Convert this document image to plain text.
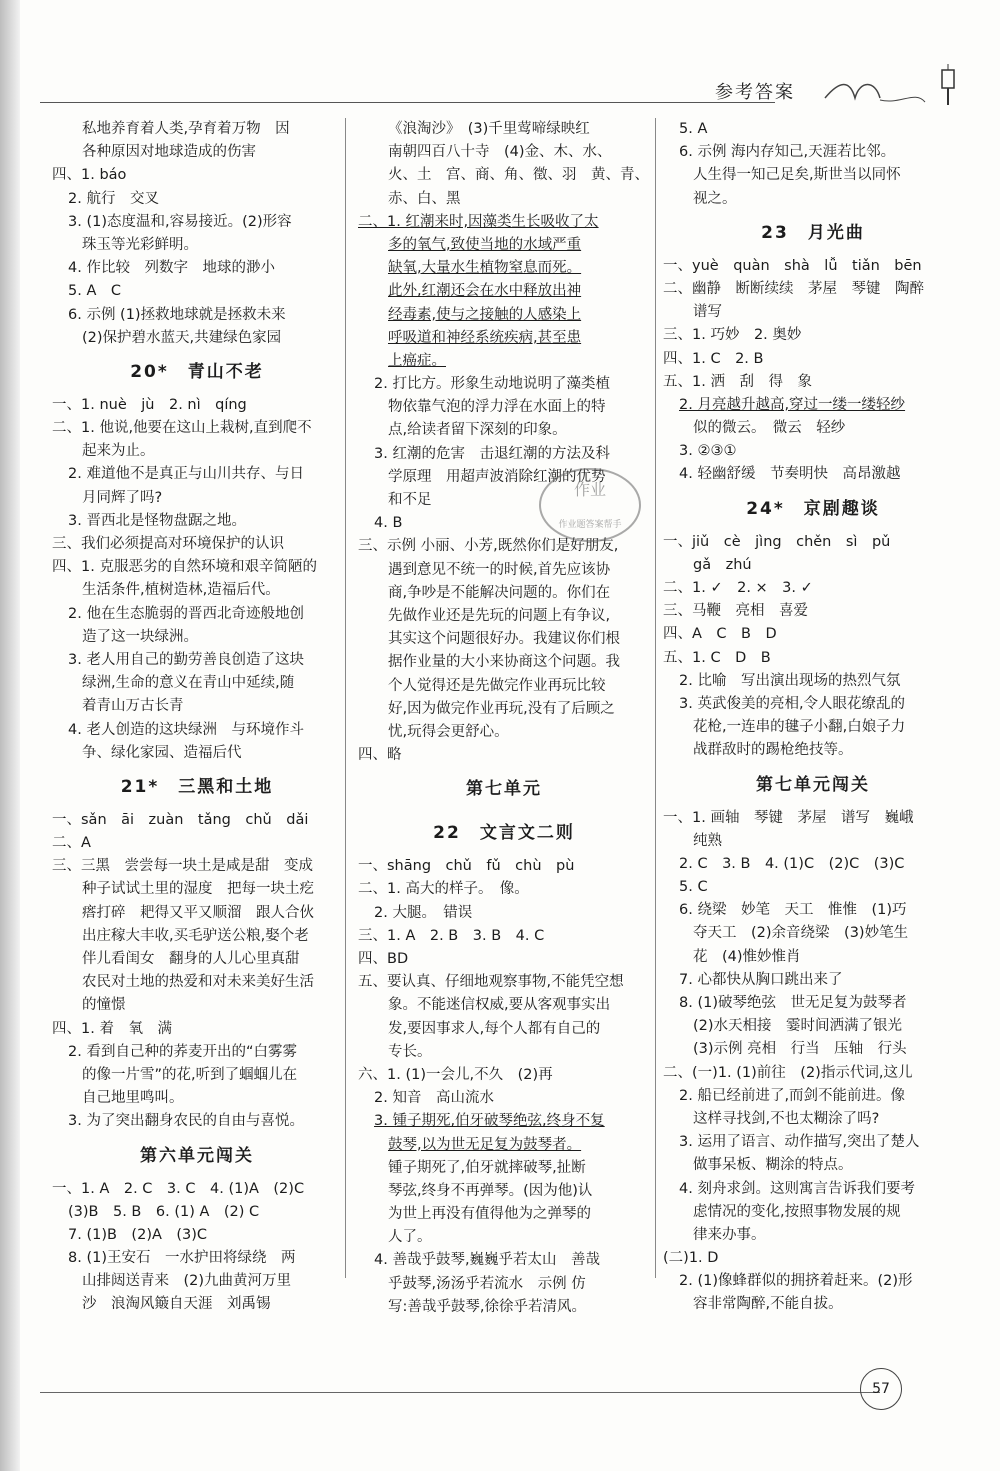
参考答案
私地养育着人类,孕育着万物　因
各种原因对地球造成的伤害
四、1. báo
2. 航行　交叉
3. (1)态度温和,容易接近。(2)形容
珠玉等光彩鲜明。
4. 作比较　列数字　地球的渺小
5. A　C
6. 示例 (1)拯救地球就是拯救未来
(2)保护碧水蓝天,共建绿色家园
20*　青山不老
一、1. nuè　jù　2. nì　qíng
二、1. 他说,他要在这山上栽树,直到爬不
起来为止。
2. 难道他不是真正与山川共存、与日
月同辉了吗?
3. 晋西北是怪物盘踞之地。
三、我们必须提高对环境保护的认识
四、1. 克服恶劣的自然环境和艰辛简陋的
生活条件,植树造林,造福后代。
2. 他在生态脆弱的晋西北奇迹般地创
造了这一块绿洲。
3. 老人用自己的勤劳善良创造了这块
绿洲,生命的意义在青山中延续,随
着青山万古长青
4. 老人创造的这块绿洲　与环境作斗
争、绿化家园、造福后代
21*　三黑和土地
一、sǎn　āi　zuàn　tǎng　chǔ　dǎi
二、A
三、三黑　尝尝每一块土是咸是甜　变成
种子试试土里的湿度　把每一块土疙
瘩打碎　耙得又平又顺溜　跟人合伙
出庄稼大丰收,买毛驴送公粮,娶个老
伴儿看闺女　翻身的人儿心里真甜
农民对土地的热爱和对未来美好生活
的憧憬
四、1. 着　氧　满
2. 看到自己种的荞麦开出的“白雾雾
的像一片雪”的花,听到了蝈蝈儿在
自己地里鸣叫。
3. 为了突出翻身农民的自由与喜悦。
第六单元闯关
一、1. A　2. C　3. C　4. (1)A　(2)C
(3)B　5. B　6. (1) A　(2) C
7. (1)B　(2)A　(3)C
8. (1)王安石　一水护田将绿绕　两
山排闼送青来　(2)九曲黄河万里
沙　浪淘风簸自天涯　刘禹锡
《浪淘沙》　(3)千里莺啼绿映红
南朝四百八十寺　(4)金、木、水、
火、土　宫、商、角、徵、羽　黄、青、
赤、白、黑
二、1. 红潮来时,因藻类生长吸收了太
多的氧气,致使当地的水域严重
缺氧,大量水生植物窒息而死。
此外,红潮还会在水中释放出神
经毒素,使与之接触的人感染上
呼吸道和神经系统疾病,甚至患
上癌症。
2. 打比方。形象生动地说明了藻类植
物依靠气泡的浮力浮在水面上的特
点,给读者留下深刻的印象。
3. 红潮的危害　击退红潮的方法及科
学原理　用超声波消除红潮的优势
和不足
4. B
三、示例 小丽、小芳,既然你们是好朋友,
遇到意见不统一的时候,首先应该协
商,争吵是不能解决问题的。你们在
先做作业还是先玩的问题上有争议,
其实这个问题很好办。我建议你们根
据作业量的大小来协商这个问题。我
个人觉得还是先做完作业再玩比较
好,因为做完作业再玩,没有了后顾之
忧,玩得会更舒心。
四、略
第七单元
22　文言文二则
一、shāng　chǔ　fǔ　chù　pù
二、1. 高大的样子。　像。
2. 大腿。　错误
三、1. A　2. B　3. B　4. C
四、BD
五、要认真、仔细地观察事物,不能凭空想
象。不能迷信权威,要从客观事实出
发,要因事求人,每个人都有自己的
专长。
六、1. (1)一会儿,不久　(2)再
2. 知音　高山流水
3. 锺子期死,伯牙破琴绝弦,终身不复
鼓琴,以为世无足复为鼓琴者。
锺子期死了,伯牙就摔破琴,扯断
琴弦,终身不再弹琴。(因为他)认
为世上再没有值得他为之弹琴的
人了。
4. 善哉乎鼓琴,巍巍乎若太山　善哉
乎鼓琴,汤汤乎若流水　示例 仿
写:善哉乎鼓琴,徐徐乎若清风。
5. A
6. 示例 海内存知己,天涯若比邻。
人生得一知己足矣,斯世当以同怀
视之。
23　月光曲
一、yuè　quàn　shà　lǚ　tiǎn　bēn
二、幽静　断断续续　茅屋　琴键　陶醉
谱写
三、1. 巧妙　2. 奥妙
四、1. C　2. B
五、1. 洒　刮　得　象
2. 月亮越升越高,穿过一缕一缕轻纱
似的微云。　微云　轻纱
3. ②③①
4. 轻幽舒缓　节奏明快　高昂激越
24*　京剧趣谈
一、jiǔ　cè　jìng　chěn　sì　pǔ
gǎ　zhú
二、1. ✓　2. ×　3. ✓
三、马鞭　亮相　喜爱
四、A　C　B　D
五、1. C　D　B
2. 比喻　写出演出现场的热烈气氛
3. 英武俊美的亮相,令人眼花缭乱的
花枪,一连串的毽子小翻,白娘子力
战群敌时的踢枪绝技等。
第七单元闯关
一、1. 画轴　琴键　茅屋　谱写　巍峨
纯熟
2. C　3. B　4. (1)C　(2)C　(3)C
5. C
6. 绕梁　妙笔　天工　惟惟　(1)巧
夺天工　(2)余音绕梁　(3)妙笔生
花　(4)惟妙惟肖
7. 心都快从胸口跳出来了
8. (1)破琴绝弦　世无足复为鼓琴者
(2)水天相接　霎时间洒满了银光
(3)示例 亮相　行当　压轴　行头
二、(一)1. (1)前往　(2)指示代词,这儿
2. 船已经前进了,而剑不能前进。像
这样寻找剑,不也太糊涂了吗?
3. 运用了语言、动作描写,突出了楚人
做事呆板、糊涂的特点。
4. 刻舟求剑。这则寓言告诉我们要考
虑情况的变化,按照事物发展的规
律来办事。
(二)1. D
2. (1)像蜂群似的拥挤着赶来。(2)形
容非常陶醉,不能自拔。
作业
作业题答案帮手
57
